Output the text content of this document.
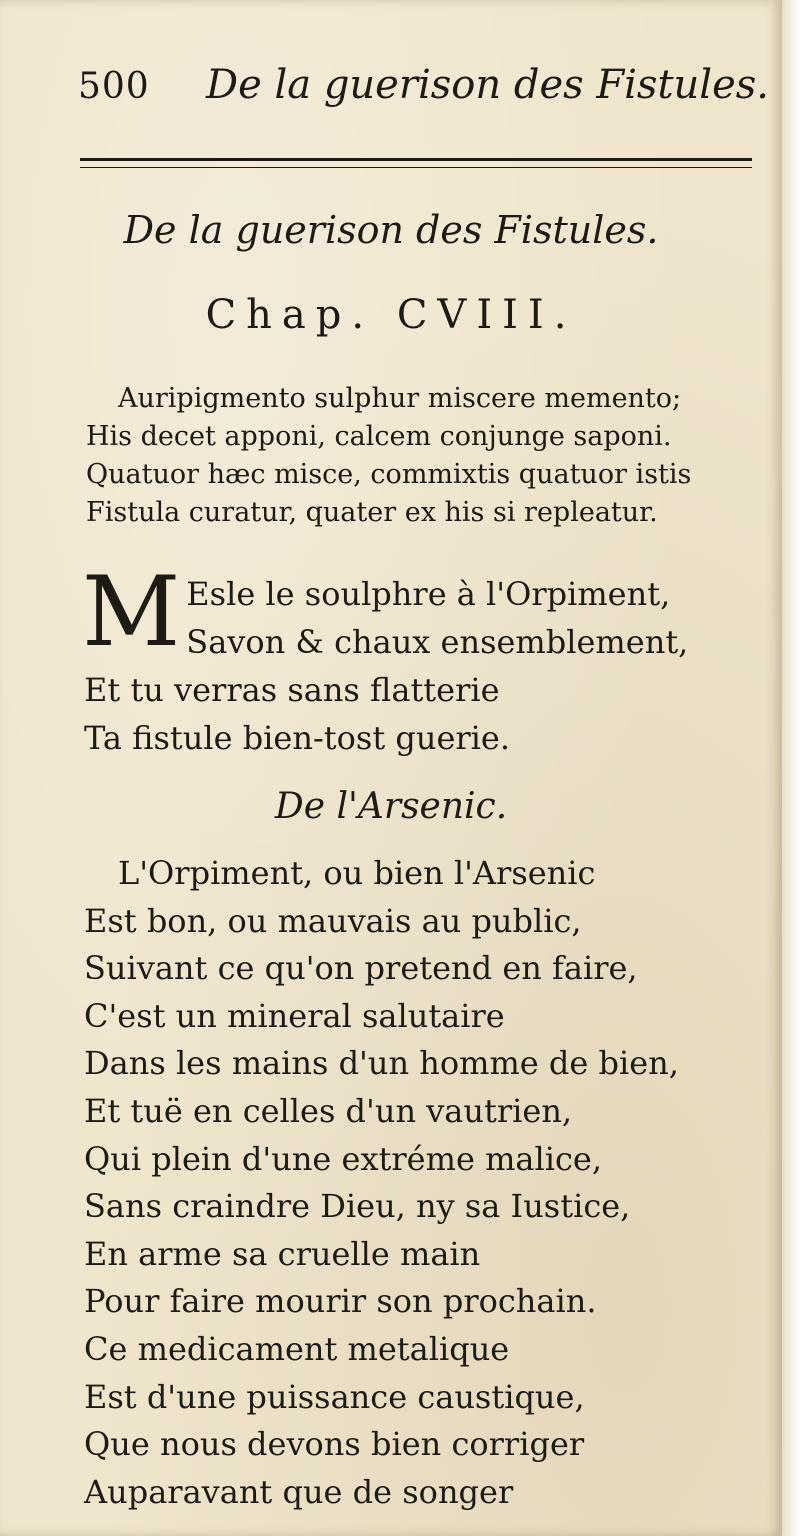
500 De la guerison des Fistules.
De la guerison des Fistules.
Chap. CVIII.
Auripigmento sulphur miscere memento;
His decet apponi, calcem conjunge saponi.
Quatuor hæc misce, commixtis quatuor istis
Fistula curatur, quater ex his si repleatur.
M Esle le soulphre à l'Orpiment,
Savon & chaux ensemblement,
Et tu verras sans flatterie
Ta fistule bien-tost guerie.
De l'Arsenic.
L'Orpiment, ou bien l'Arsenic
Est bon, ou mauvais au public,
Suivant ce qu'on pretend en faire,
C'est un mineral salutaire
Dans les mains d'un homme de bien,
Et tuë en celles d'un vautrien,
Qui plein d'une extréme malice,
Sans craindre Dieu, ny sa Iustice,
En arme sa cruelle main
Pour faire mourir son prochain.
Ce medicament metalique
Est d'une puissance caustique,
Que nous devons bien corriger
Auparavant que de songer
